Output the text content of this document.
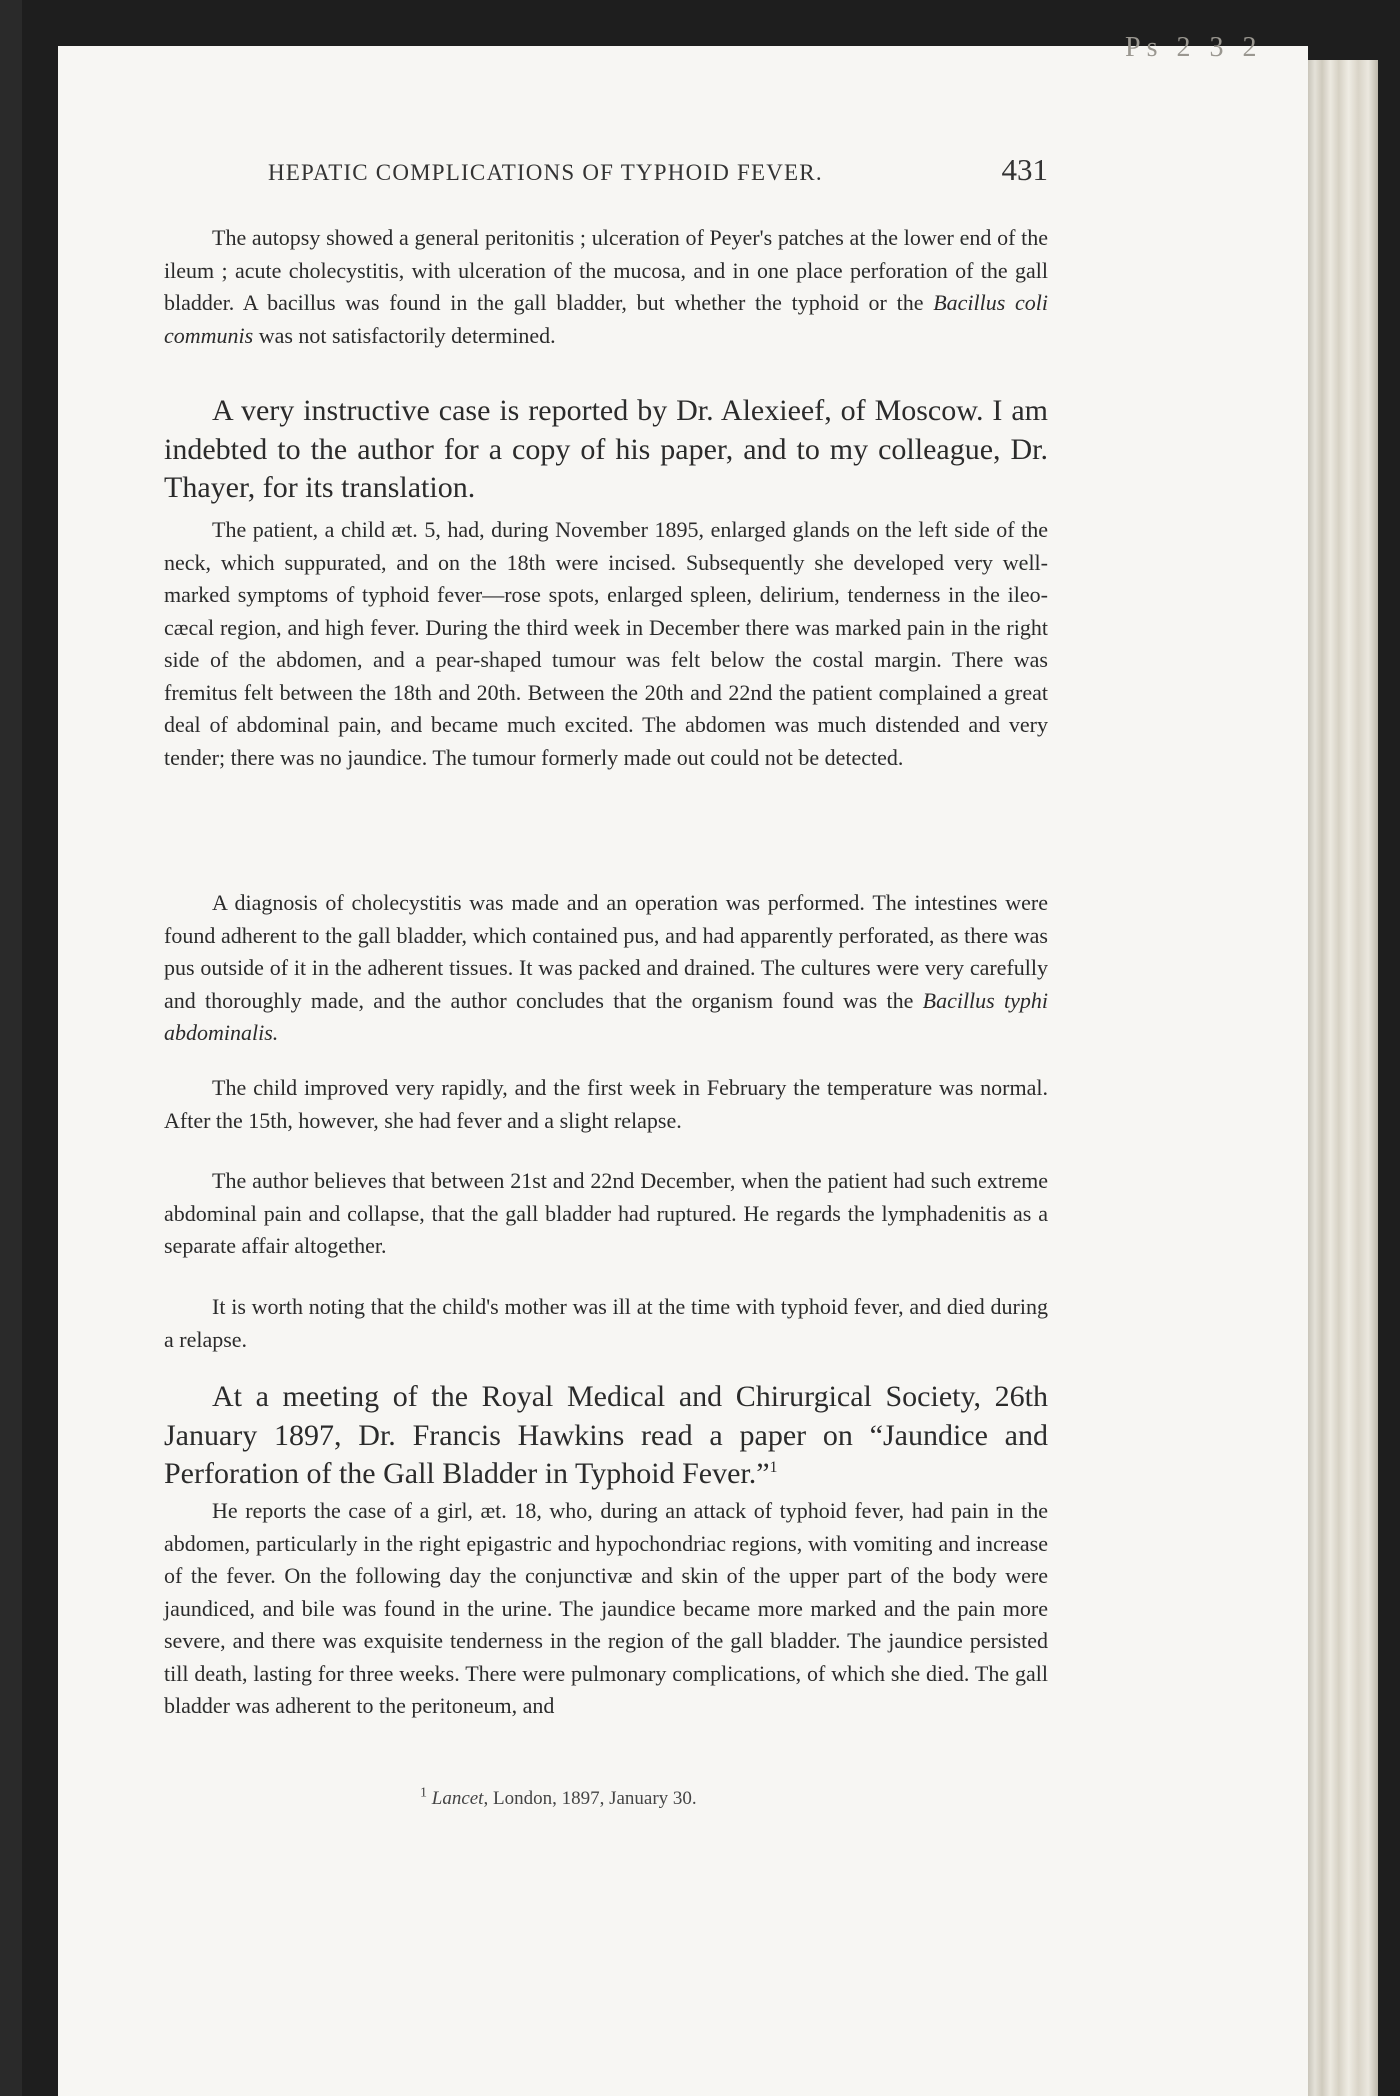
Ps 2 3 2
HEPATIC COMPLICATIONS OF TYPHOID FEVER.	431

The autopsy showed a general peritonitis ; ulceration of Peyer's patches at the lower end of the ileum ; acute cholecystitis, with ulceration of the mucosa, and in one place perforation of the gall bladder. A bacillus was found in the gall bladder, but whether the typhoid or the Bacillus coli communis was not satisfactorily determined.

A very instructive case is reported by Dr. Alexieef, of Moscow. I am indebted to the author for a copy of his paper, and to my colleague, Dr. Thayer, for its translation.

The patient, a child æt. 5, had, during November 1895, enlarged glands on the left side of the neck, which suppurated, and on the 18th were incised. Subsequently she developed very well-marked symptoms of typhoid fever—rose spots, enlarged spleen, delirium, tenderness in the ileo-cæcal region, and high fever. During the third week in December there was marked pain in the right side of the abdomen, and a pear-shaped tumour was felt below the costal margin. There was fremitus felt between the 18th and 20th. Between the 20th and 22nd the patient complained a great deal of abdominal pain, and became much excited. The abdomen was much distended and very tender; there was no jaundice. The tumour formerly made out could not be detected.

A diagnosis of cholecystitis was made and an operation was performed. The intestines were found adherent to the gall bladder, which contained pus, and had apparently perforated, as there was pus outside of it in the adherent tissues. It was packed and drained. The cultures were very carefully and thoroughly made, and the author concludes that the organism found was the Bacillus typhi abdominalis.

The child improved very rapidly, and the first week in February the temperature was normal. After the 15th, however, she had fever and a slight relapse.

The author believes that between 21st and 22nd December, when the patient had such extreme abdominal pain and collapse, that the gall bladder had ruptured. He regards the lymphadenitis as a separate affair altogether.

It is worth noting that the child's mother was ill at the time with typhoid fever, and died during a relapse.

At a meeting of the Royal Medical and Chirurgical Society, 26th January 1897, Dr. Francis Hawkins read a paper on “Jaundice and Perforation of the Gall Bladder in Typhoid Fever.”$^1$

He reports the case of a girl, æt. 18, who, during an attack of typhoid fever, had pain in the abdomen, particularly in the right epigastric and hypochondriac regions, with vomiting and increase of the fever. On the following day the conjunctivæ and skin of the upper part of the body were jaundiced, and bile was found in the urine. The jaundice became more marked and the pain more severe, and there was exquisite tenderness in the region of the gall bladder. The jaundice persisted till death, lasting for three weeks. There were pulmonary complications, of which she died. The gall bladder was adherent to the peritoneum, and

$^1$ Lancet, London, 1897, January 30.
